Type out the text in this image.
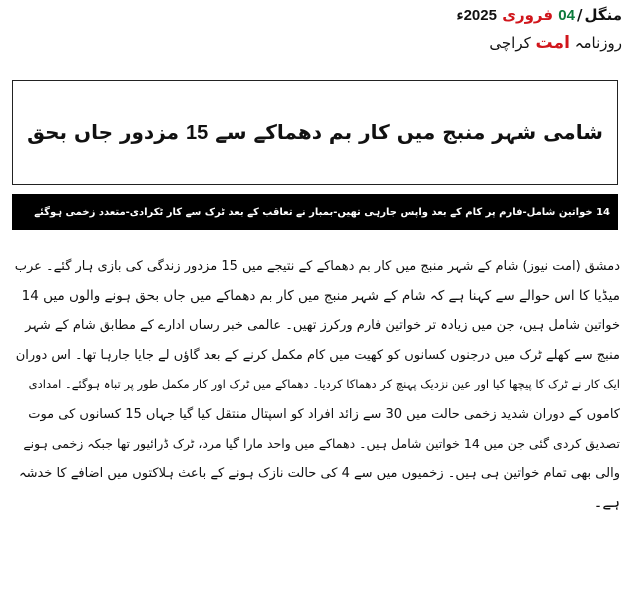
منگل/04 فروری 2025ء
روزنامہ امت کراچی
شامی شہر منبج میں کار بم دھماکے سے 15 مزدور جاں بحق
14 خواتین شامل-فارم پر کام کے بعد واپس جارہی تھیں-بمبار نے تعاقب کے بعد ٹرک سے کار ٹکرادی-متعدد زخمی ہوگئے
دمشق (امت نیوز) شام کے شہر منبج میں کار بم دھماکے کے نتیجے میں 15 مزدور زندگی کی بازی ہار گئے۔ عرب
میڈیا کا اس حوالے سے کہنا ہے کہ شام کے شہر منبج میں کار بم دھماکے میں جاں بحق ہونے والوں میں 14
خواتین شامل ہیں، جن میں زیادہ تر خواتین فارم ورکرز تھیں۔ عالمی خبر رساں ادارے کے مطابق شام کے شہر
منبج سے کھلے ٹرک میں درجنوں کسانوں کو کھیت میں کام مکمل کرنے کے بعد گاؤں لے جایا جارہا تھا۔ اس دوران
ایک کار نے ٹرک کا پیچھا کیا اور عین نزدیک پہنچ کر دھماکا کردیا۔ دھماکے میں ٹرک اور کار مکمل طور پر تباہ ہوگئے۔ امدادی
کاموں کے دوران شدید زخمی حالت میں 30 سے زائد افراد کو اسپتال منتقل کیا گیا جہاں 15 کسانوں کی موت
تصدیق کردی گئی جن میں 14 خواتین شامل ہیں۔ دھماکے میں واحد مارا گیا مرد، ٹرک ڈرائیور تھا جبکہ زخمی ہونے
والی بھی تمام خواتین ہی ہیں۔ زخمیوں میں سے 4 کی حالت نازک ہونے کے باعث ہلاکتوں میں اضافے کا خدشہ
ہے۔
